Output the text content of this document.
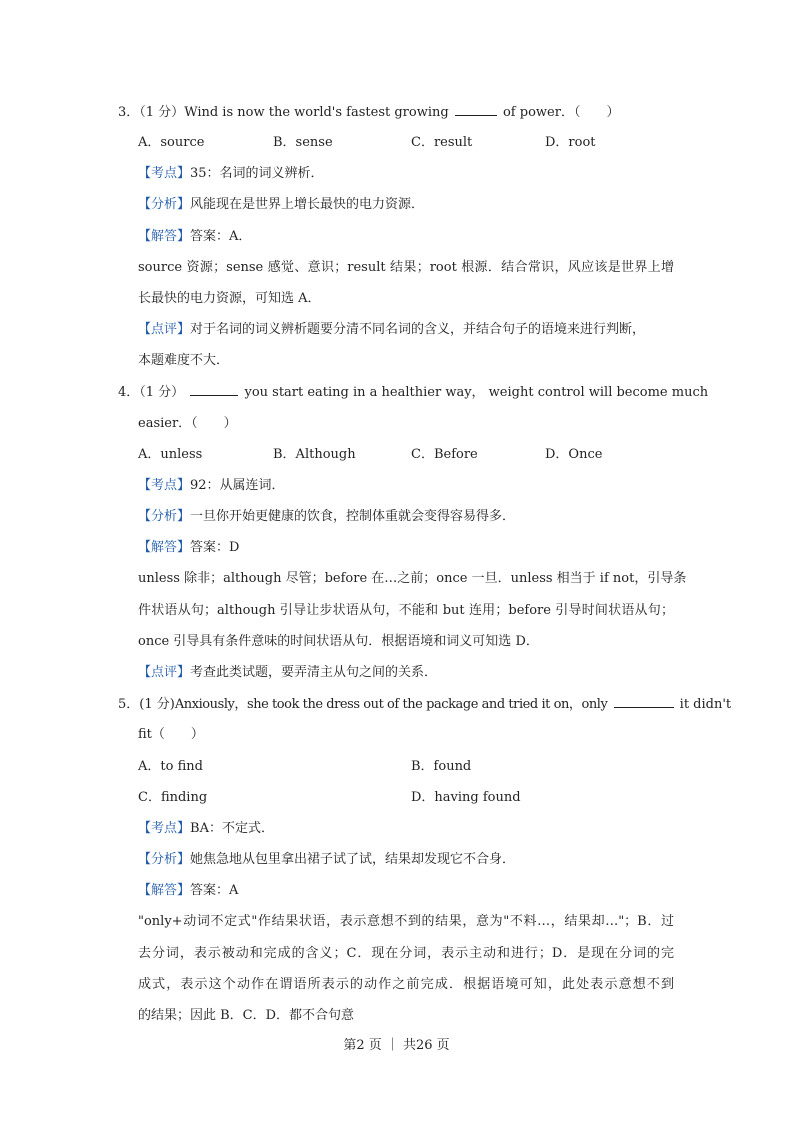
3．（1 分）Wind is now the world's fastest growing	of power．（　　）
A．source	B．sense	C．result	D．root
【考点】35：名词的词义辨析．
【分析】风能现在是世界上增长最快的电力资源．
【解答】答案：A．
source 资源；sense 感觉、意识；result 结果；root 根源．结合常识，风应该是世界上增
长最快的电力资源，可知选 A．
【点评】对于名词的词义辨析题要分清不同名词的含义，并结合句子的语境来进行判断，
本题难度不大．
4．（1 分）	you start eating in a healthier way， weight control will become much
easier．（　　）
A．unless	B．Although	C．Before	D．Once
【考点】92：从属连词．
【分析】一旦你开始更健康的饮食，控制体重就会变得容易得多．
【解答】答案：D
unless 除非；although 尽管；before 在…之前；once 一旦．unless 相当于 if not，引导条
件状语从句；although 引导让步状语从句，不能和 but 连用；before 引导时间状语从句；
once 引导具有条件意味的时间状语从句．根据语境和词义可知选 D．
【点评】考查此类试题，要弄清主从句之间的关系．
5．(1 分)Anxiously，she took the dress out of the package and tried it on，only	it didn't
fit（　　）
A．to find	B．found
C．finding	D．having found
【考点】BA：不定式．
【分析】她焦急地从包里拿出裙子试了试，结果却发现它不合身．
【解答】答案：A
"only+动词不定式"作结果状语，表示意想不到的结果，意为"不料…，结果却…"；B．过
去分词，表示被动和完成的含义；C．现在分词，表示主动和进行；D．是现在分词的完
成式，表示这个动作在谓语所表示的动作之前完成．根据语境可知，此处表示意想不到
的结果；因此 B．C．D．都不合句意
第2 页 ｜ 共26 页
